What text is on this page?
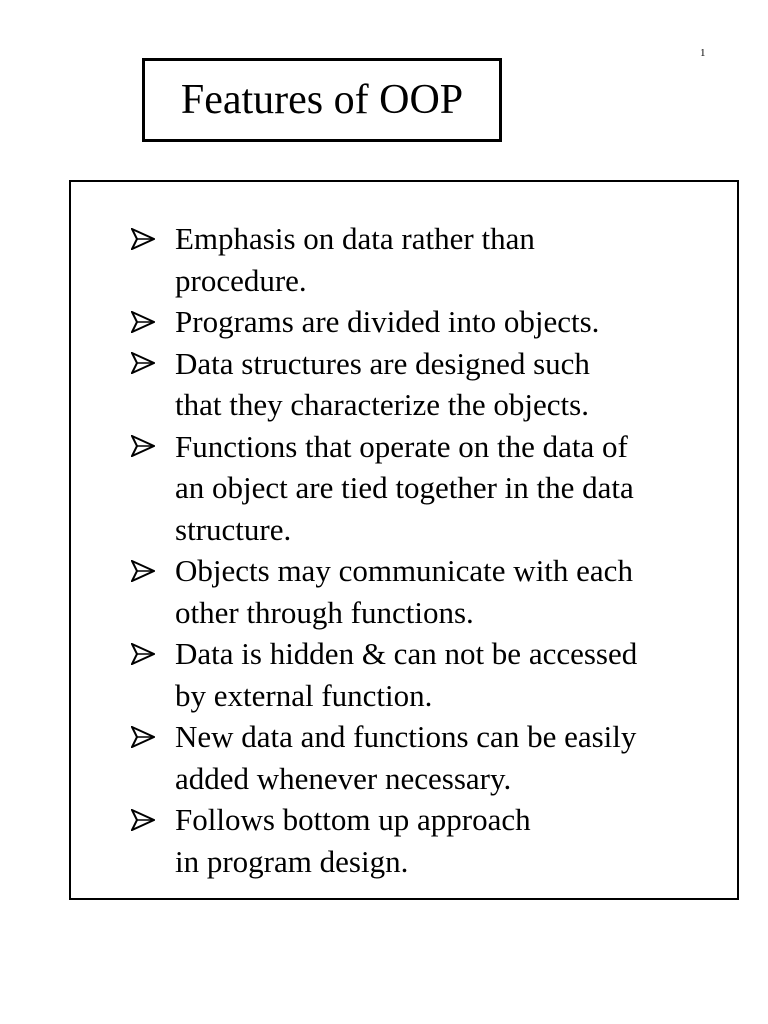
1
Features of OOP
Emphasis on data rather than
procedure.
Programs are divided into objects.
Data structures are designed such
that they characterize the objects.
Functions that operate on the data of
an object are tied together in the data
structure.
Objects may communicate with each
other through functions.
Data is hidden & can not be accessed
by external function.
New data and functions can be easily
added whenever necessary.
Follows bottom up approach
in program design.
